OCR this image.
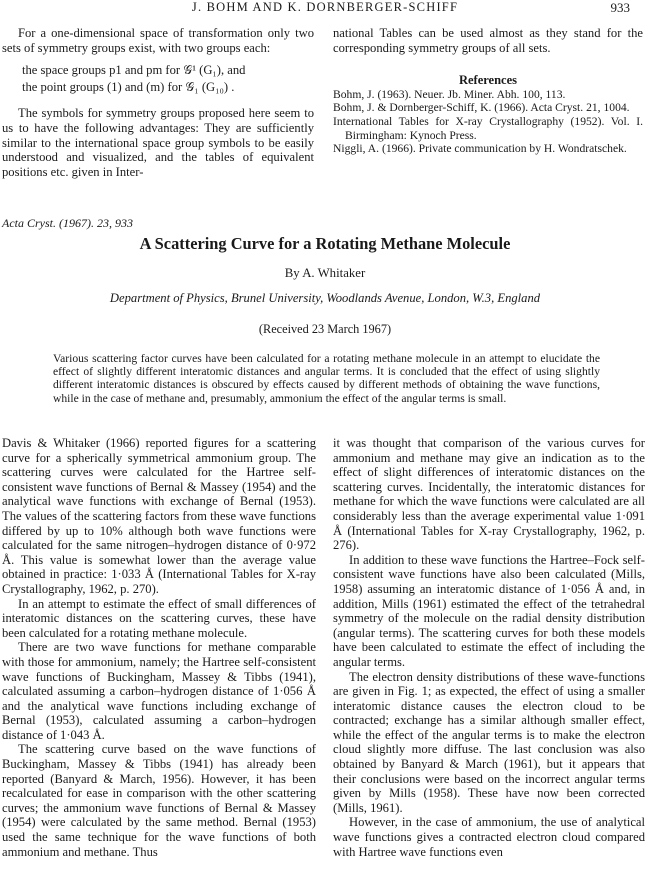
J. BOHM AND K. DORNBERGER-SCHIFF	933

For a one-dimensional space of transformation only two sets of symmetry groups exist, with two groups each:

the space groups p1 and pm for 𝒢¹ (G₁), and

the point groups (1) and (m) for 𝒢₁ (G₁₀) .

The symbols for symmetry groups proposed here seem to us to have the following advantages: They are sufficiently similar to the international space group symbols to be easily understood and visualized, and the tables of equivalent positions etc. given in Inter-

national Tables can be used almost as they stand for the corresponding symmetry groups of all sets.

References

Bohm, J. (1963). Neuer. Jb. Miner. Abh. 100, 113.

Bohm, J. & Dornberger-Schiff, K. (1966). Acta Cryst. 21, 1004.

International Tables for X-ray Crystallography (1952). Vol. I. Birmingham: Kynoch Press.

Niggli, A. (1966). Private communication by H. Wondratschek.

Acta Cryst. (1967). 23, 933
A Scattering Curve for a Rotating Methane Molecule
By A. Whitaker
Department of Physics, Brunel University, Woodlands Avenue, London, W.3, England
(Received 23 March 1967)
Various scattering factor curves have been calculated for a rotating methane molecule in an attempt to elucidate the effect of slightly different interatomic distances and angular terms. It is concluded that the effect of using slightly different interatomic distances is obscured by effects caused by different methods of obtaining the wave functions, while in the case of methane and, presumably, ammonium the effect of the angular terms is small.

Davis & Whitaker (1966) reported figures for a scattering curve for a spherically symmetrical ammonium group. The scattering curves were calculated for the Hartree self-consistent wave functions of Bernal & Massey (1954) and the analytical wave functions with exchange of Bernal (1953). The values of the scattering factors from these wave functions differed by up to 10% although both wave functions were calculated for the same nitrogen–hydrogen distance of 0·972 Å. This value is somewhat lower than the average value obtained in practice: 1·033 Å (International Tables for X-ray Crystallography, 1962, p. 270).

In an attempt to estimate the effect of small differences of interatomic distances on the scattering curves, these have been calculated for a rotating methane molecule.

There are two wave functions for methane comparable with those for ammonium, namely; the Hartree self-consistent wave functions of Buckingham, Massey & Tibbs (1941), calculated assuming a carbon–hydrogen distance of 1·056 Å and the analytical wave functions including exchange of Bernal (1953), calculated assuming a carbon–hydrogen distance of 1·043 Å.

The scattering curve based on the wave functions of Buckingham, Massey & Tibbs (1941) has already been reported (Banyard & March, 1956). However, it has been recalculated for ease in comparison with the other scattering curves; the ammonium wave functions of Bernal & Massey (1954) were calculated by the same method. Bernal (1953) used the same technique for the wave functions of both ammonium and methane. Thus

it was thought that comparison of the various curves for ammonium and methane may give an indication as to the effect of slight differences of interatomic distances on the scattering curves. Incidentally, the interatomic distances for methane for which the wave functions were calculated are all considerably less than the average experimental value 1·091 Å (International Tables for X-ray Crystallography, 1962, p. 276).

In addition to these wave functions the Hartree–Fock self-consistent wave functions have also been calculated (Mills, 1958) assuming an interatomic distance of 1·056 Å and, in addition, Mills (1961) estimated the effect of the tetrahedral symmetry of the molecule on the radial density distribution (angular terms). The scattering curves for both these models have been calculated to estimate the effect of including the angular terms.

The electron density distributions of these wave-functions are given in Fig. 1; as expected, the effect of using a smaller interatomic distance causes the electron cloud to be contracted; exchange has a similar although smaller effect, while the effect of the angular terms is to make the electron cloud slightly more diffuse. The last conclusion was also obtained by Banyard & March (1961), but it appears that their conclusions were based on the incorrect angular terms given by Mills (1958). These have now been corrected (Mills, 1961).

However, in the case of ammonium, the use of analytical wave functions gives a contracted electron cloud compared with Hartree wave functions even
